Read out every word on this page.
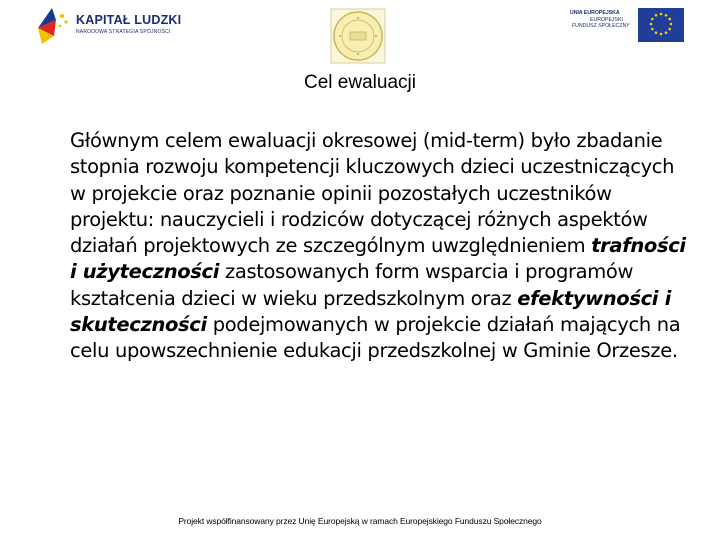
KAPITAŁ LUDZKI
NARODOWA STRATEGIA SPÓJNOŚCI
UNIA EUROPEJSKA
EUROPEJSKI
FUNDUSZ SPOŁECZNY
Cel ewaluacji
Głównym celem ewaluacji okresowej (mid-term) było zbadanie stopnia rozwoju kompetencji kluczowych dzieci uczestniczących w projekcie oraz poznanie opinii pozostałych uczestników projektu: nauczycieli i rodziców dotyczącej różnych aspektów działań projektowych ze szczególnym uwzględnieniem trafności i użyteczności zastosowanych form wsparcia i programów kształcenia dzieci w wieku przedszkolnym oraz efektywności i skuteczności podejmowanych w projekcie działań mających na celu upowszechnienie edukacji przedszkolnej w Gminie Orzesze.
Projekt współfinansowany przez Unię Europejską w ramach Europejskiego Funduszu Społecznego
